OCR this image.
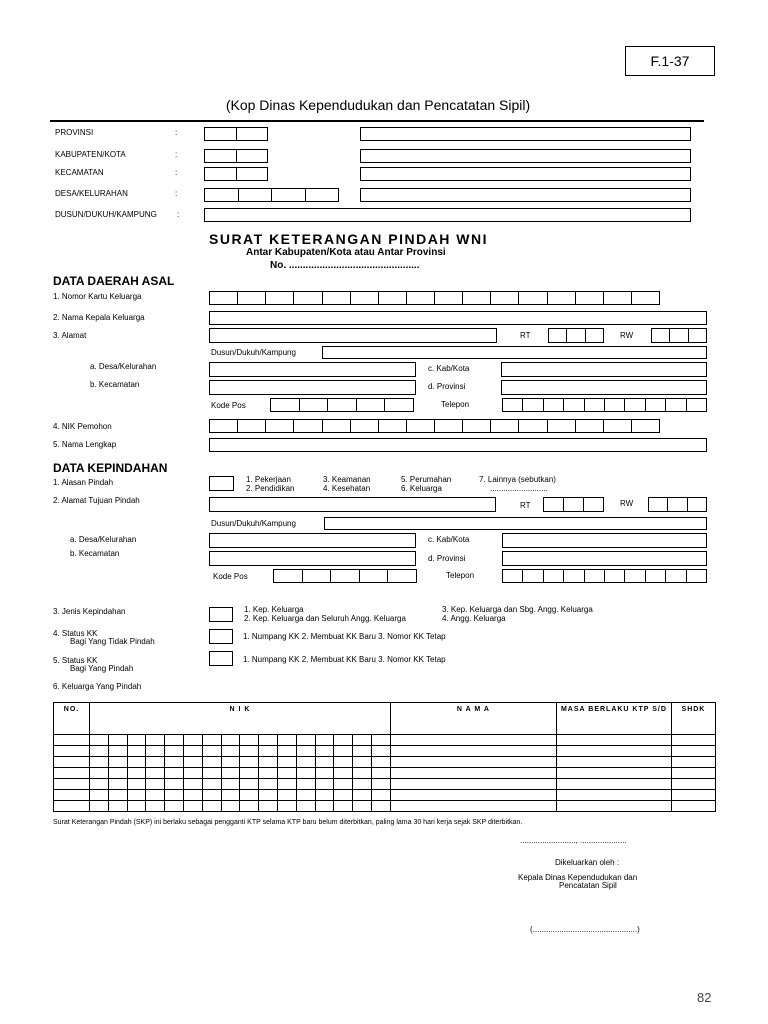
F.1-37
(Kop Dinas Kependudukan dan Pencatatan Sipil)
PROVINSI	:
KABUPATEN/KOTA	:
KECAMATAN	:
DESA/KELURAHAN	:
DUSUN/DUKUH/KAMPUNG	:
SURAT KETERANGAN PINDAH WNI
Antar Kabupaten/Kota atau Antar Provinsi
No. ...............................................
DATA DAERAH ASAL
1. Nomor Kartu Keluarga
2. Nama Kepala Keluarga
3. Alamat	RT	RW
Dusun/Dukuh/Kampung
a. Desa/Kelurahan	c. Kab/Kota
b. Kecamatan	d. Provinsi
Kode Pos	Telepon
4. NIK Pemohon
5. Nama Lengkap
DATA KEPINDAHAN
1. Alasan Pindah	1. Pekerjaan
2. Pendidikan
3. Keamanan
4. Kesehatan
5. Perumahan
6. Keluarga
7. Lainnya (sebutkan)
..........................
2. Alamat Tujuan Pindah
RT	RW
Dusun/Dukuh/Kampung
a. Desa/Kelurahan	c. Kab/Kota
b. Kecamatan
d. Provinsi
Kode Pos	Telepon
3. Jenis Kepindahan	1. Kep. Keluarga
2. Kep. Keluarga dan Seluruh Angg. Keluarga
3. Kep. Keluarga dan Sbg. Angg. Keluarga
4. Angg. Keluarga
4. Status KK
Bagi Yang Tidak Pindah
1. Numpang KK 2. Membuat KK Baru 3. Nomor KK Tetap
5. Status KK
Bagi Yang Pindah
1. Numpang KK 2. Membuat KK Baru 3. Nomor KK Tetap
6. Keluarga Yang Pindah
NO.	N I K																N A M A	MASA BERLAKU KTP S/D	SHDK

Surat Keterangan Pindah (SKP) ini berlaku sebagai pengganti KTP selama KTP baru belum diterbitkan, paling lama 30 hari kerja sejak SKP diterbitkan.
........................., .....................
Dikeluarkan oleh :
Kepala Dinas Kependudukan dan
Pencatatan Sipil
(...............................................)
82
